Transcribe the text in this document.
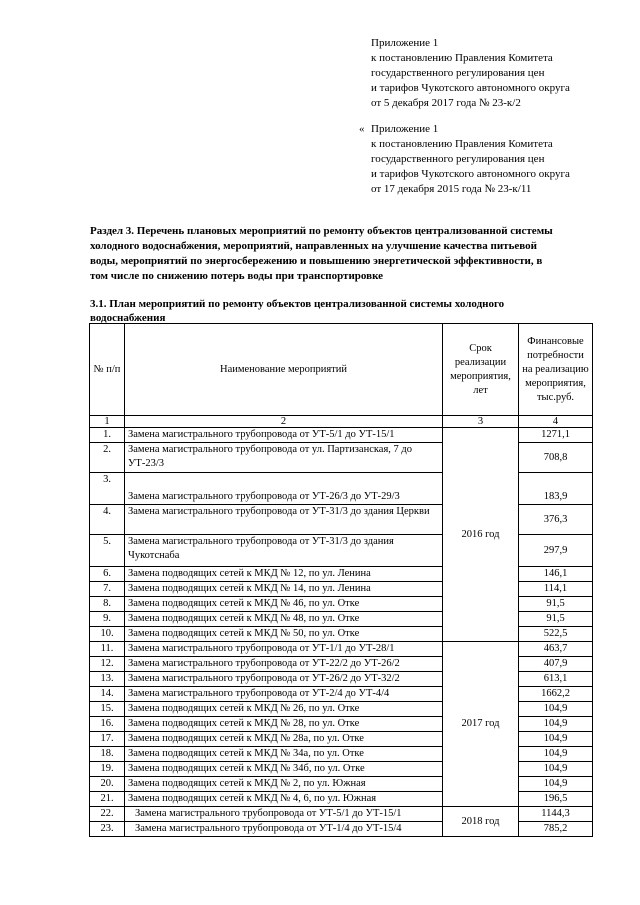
Приложение 1
к постановлению Правления Комитета
государственного регулирования цен
и тарифов Чукотского автономного округа
от 5 декабря 2017 года № 23-к/2
« Приложение 1
к постановлению Правления Комитета
государственного регулирования цен
и тарифов Чукотского автономного округа
от 17 декабря 2015 года № 23-к/11
Раздел 3. Перечень плановых мероприятий по ремонту объектов централизованной системы
холодного водоснабжения, мероприятий, направленных на улучшение качества питьевой
воды, мероприятий по энергосбережению и повышению энергетической эффективности, в
том числе по снижению потерь воды при транспортировке
3.1. План мероприятий по ремонту объектов централизованной системы холодного
водоснабжения
№ п/п	Наименование мероприятий	Срок реализации мероприятия, лет	Финансовые потребности на реализацию мероприятия, тыс.руб.
1	2	3	4
1.	Замена магистрального трубопровода от УТ-5/1 до УТ-15/1	2016 год	1271,1
2.	Замена магистрального трубопровода от ул. Партизанская, 7 до УТ-23/3		708,8
3.	Замена магистрального трубопровода от УТ-26/3 до УТ-29/3		183,9
4.	Замена магистрального трубопровода от УТ-31/3 до здания Церкви		376,3
5.	Замена магистрального трубопровода от УТ-31/3 до здания Чукотснаба		297,9
6.	Замена подводящих сетей к МКД № 12, по ул. Ленина		146,1
7.	Замена подводящих сетей к МКД № 14, по ул. Ленина		114,1
8.	Замена подводящих сетей к МКД № 46, по ул. Отке		91,5
9.	Замена подводящих сетей к МКД № 48, по ул. Отке		91,5
10.	Замена подводящих сетей к МКД № 50, по ул. Отке		522,5
11.	Замена магистрального трубопровода от УТ-1/1 до УТ-28/1	2017 год	463,7
12.	Замена магистрального трубопровода от УТ-22/2 до УТ-26/2		407,9
13.	Замена магистрального трубопровода от УТ-26/2 до УТ-32/2		613,1
14.	Замена магистрального трубопровода от УТ-2/4 до УТ-4/4		1662,2
15.	Замена подводящих сетей к МКД № 26, по ул. Отке		104,9
16.	Замена подводящих сетей к МКД № 28, по ул. Отке		104,9
17.	Замена подводящих сетей к МКД № 28а, по ул. Отке		104,9
18.	Замена подводящих сетей к МКД № 34а, по ул. Отке		104,9
19.	Замена подводящих сетей к МКД № 34б, по ул. Отке		104,9
20.	Замена подводящих сетей к МКД № 2, по ул. Южная		104,9
21.	Замена подводящих сетей к МКД № 4, 6, по ул. Южная		196,5
22.	Замена магистрального трубопровода от УТ-5/1 до УТ-15/1	2018 год	1144,3
23.	Замена магистрального трубопровода от УТ-1/4 до УТ-15/4		785,2
